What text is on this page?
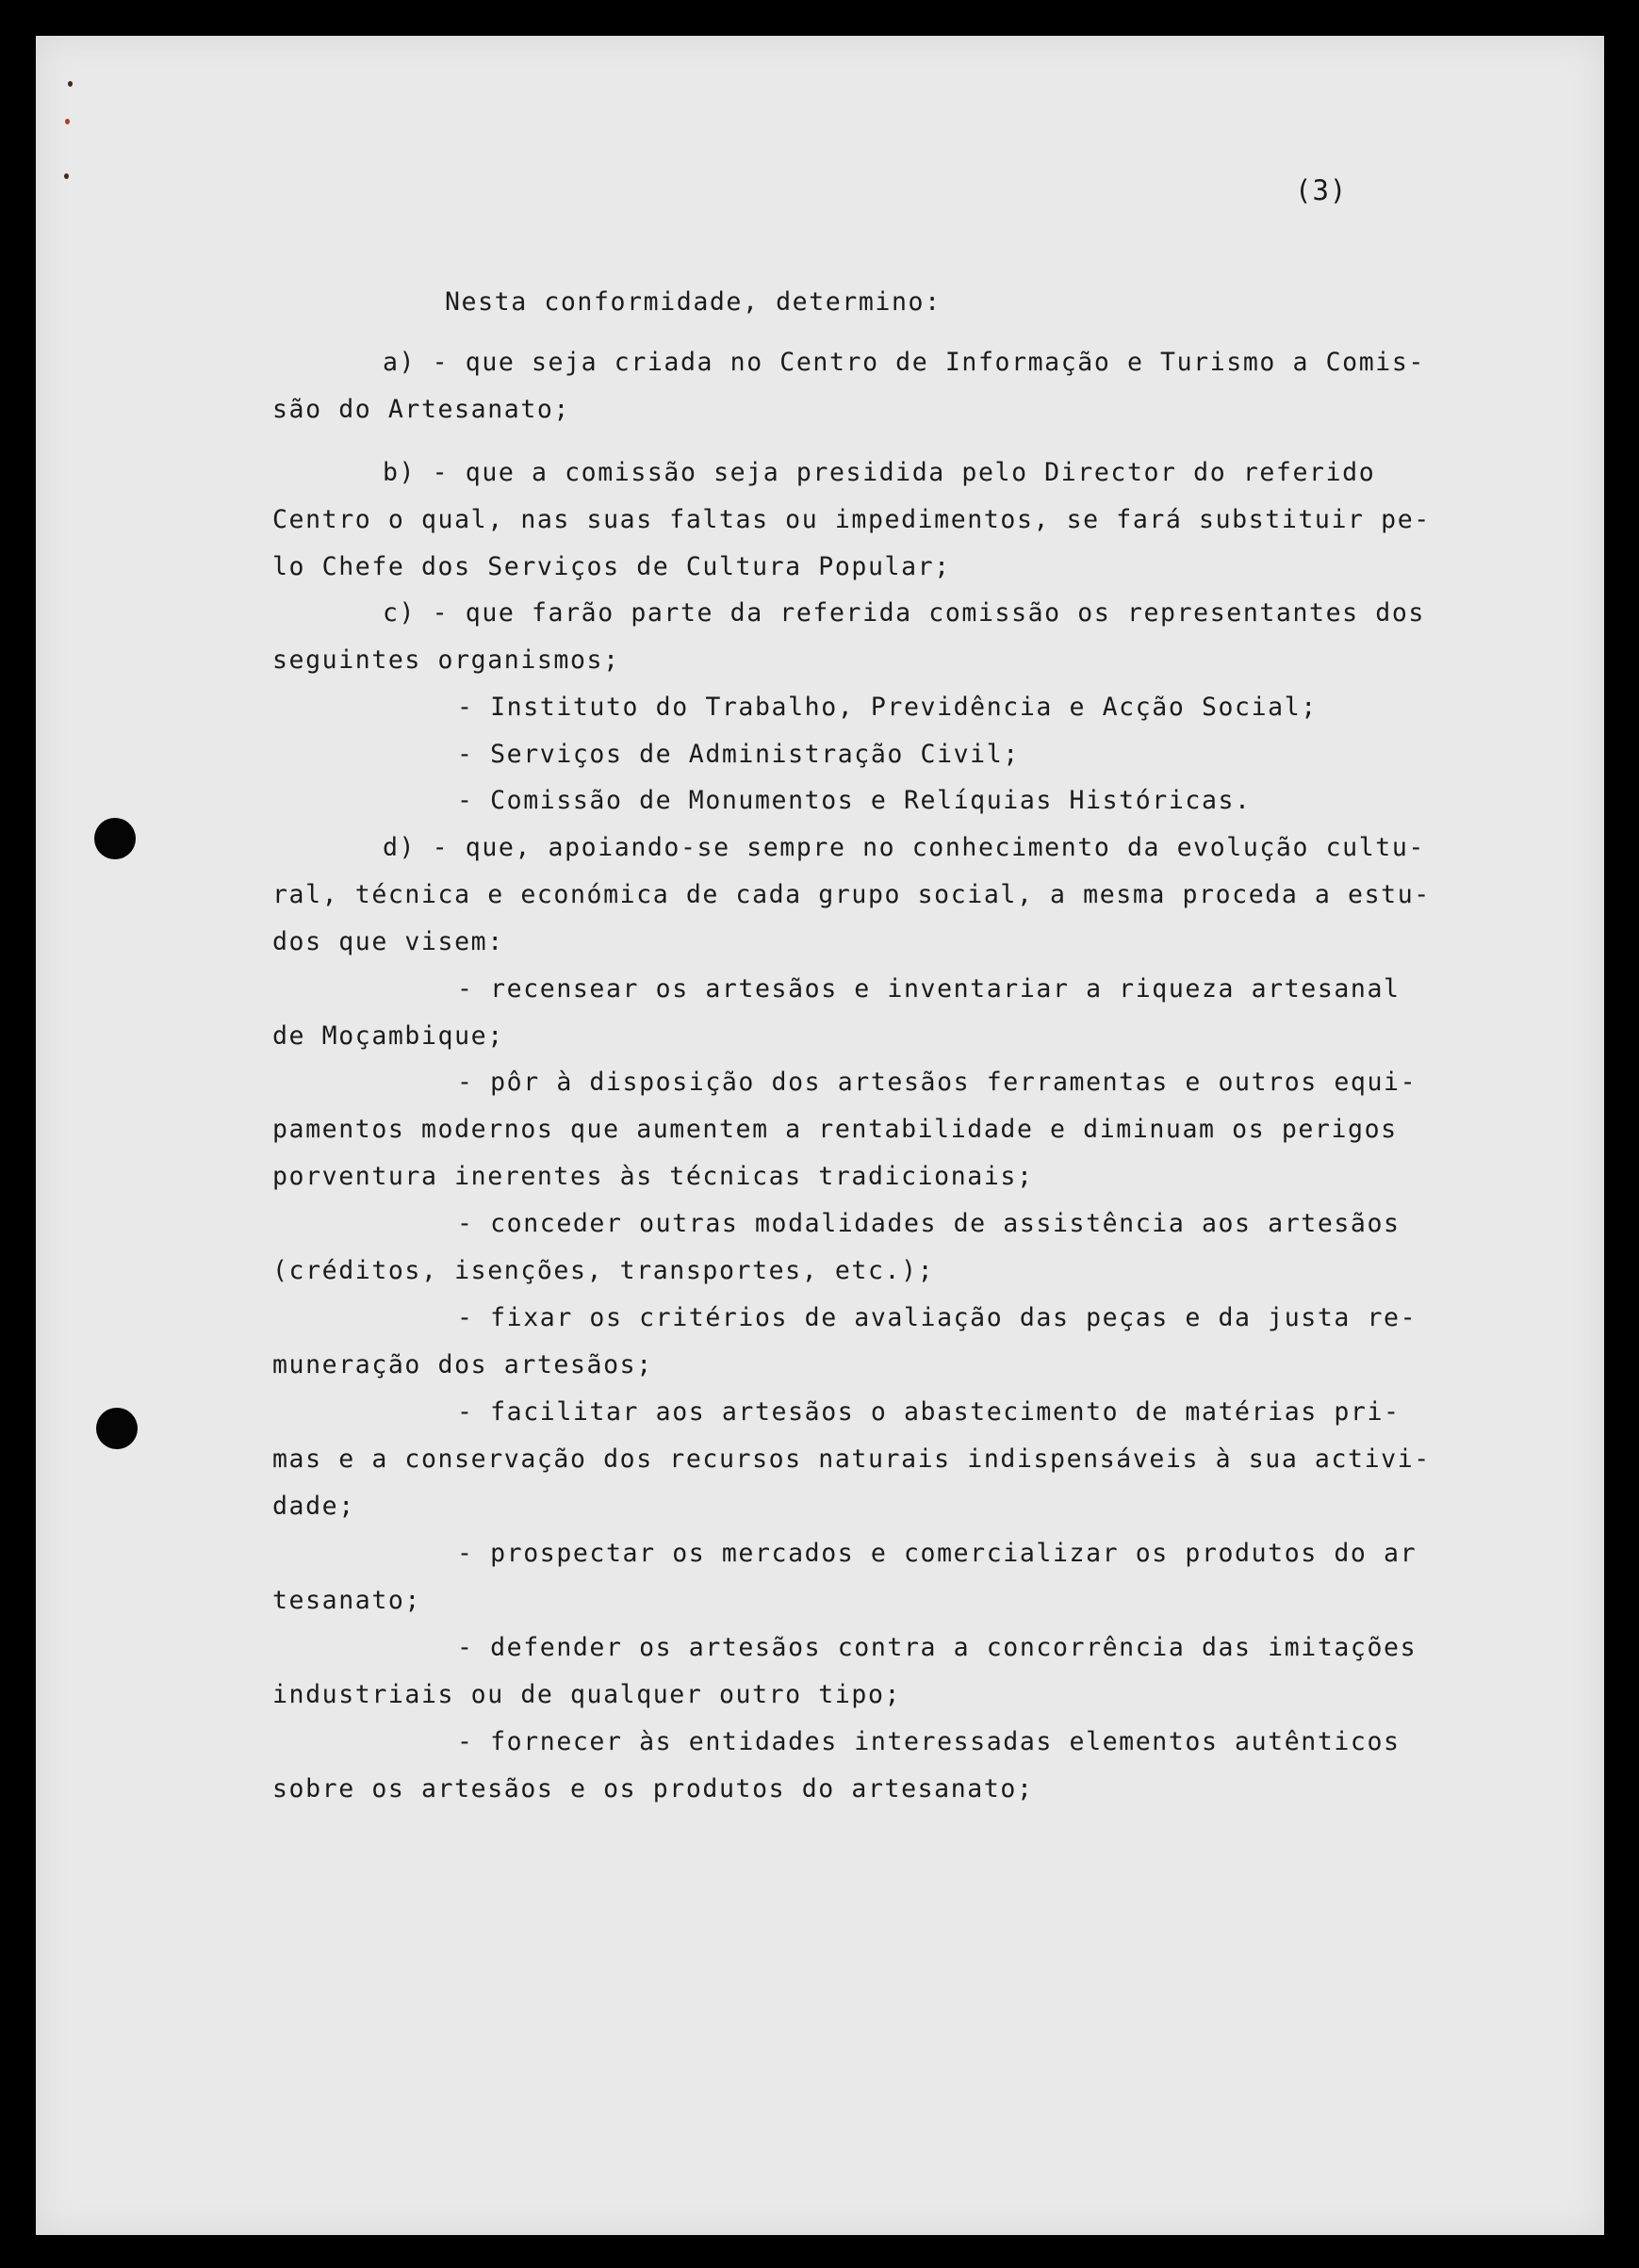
(3)

Nesta conformidade, determino:

a) - que seja criada no Centro de Informação e Turismo a Comis-

são do Artesanato;

b) - que a comissão seja presidida pelo Director do referido

Centro o qual, nas suas faltas ou impedimentos, se fará substituir pe-

lo Chefe dos Serviços de Cultura Popular;

c) - que farão parte da referida comissão os representantes dos

seguintes organismos;

- Instituto do Trabalho, Previdência e Acção Social;

- Serviços de Administração Civil;

- Comissão de Monumentos e Relíquias Históricas.

d) - que, apoiando-se sempre no conhecimento da evolução cultu-

ral, técnica e económica de cada grupo social, a mesma proceda a estu-

dos que visem:

- recensear os artesãos e inventariar a riqueza artesanal

de Moçambique;

- pôr à disposição dos artesãos ferramentas e outros equi-

pamentos modernos que aumentem a rentabilidade e diminuam os perigos

porventura inerentes às técnicas tradicionais;

- conceder outras modalidades de assistência aos artesãos

(créditos, isenções, transportes, etc.);

- fixar os critérios de avaliação das peças e da justa re-

muneração dos artesãos;

- facilitar aos artesãos o abastecimento de matérias pri-

mas e a conservação dos recursos naturais indispensáveis à sua activi-

dade;

- prospectar os mercados e comercializar os produtos do ar

tesanato;

- defender os artesãos contra a concorrência das imitações

industriais ou de qualquer outro tipo;

- fornecer às entidades interessadas elementos autênticos

sobre os artesãos e os produtos do artesanato;
